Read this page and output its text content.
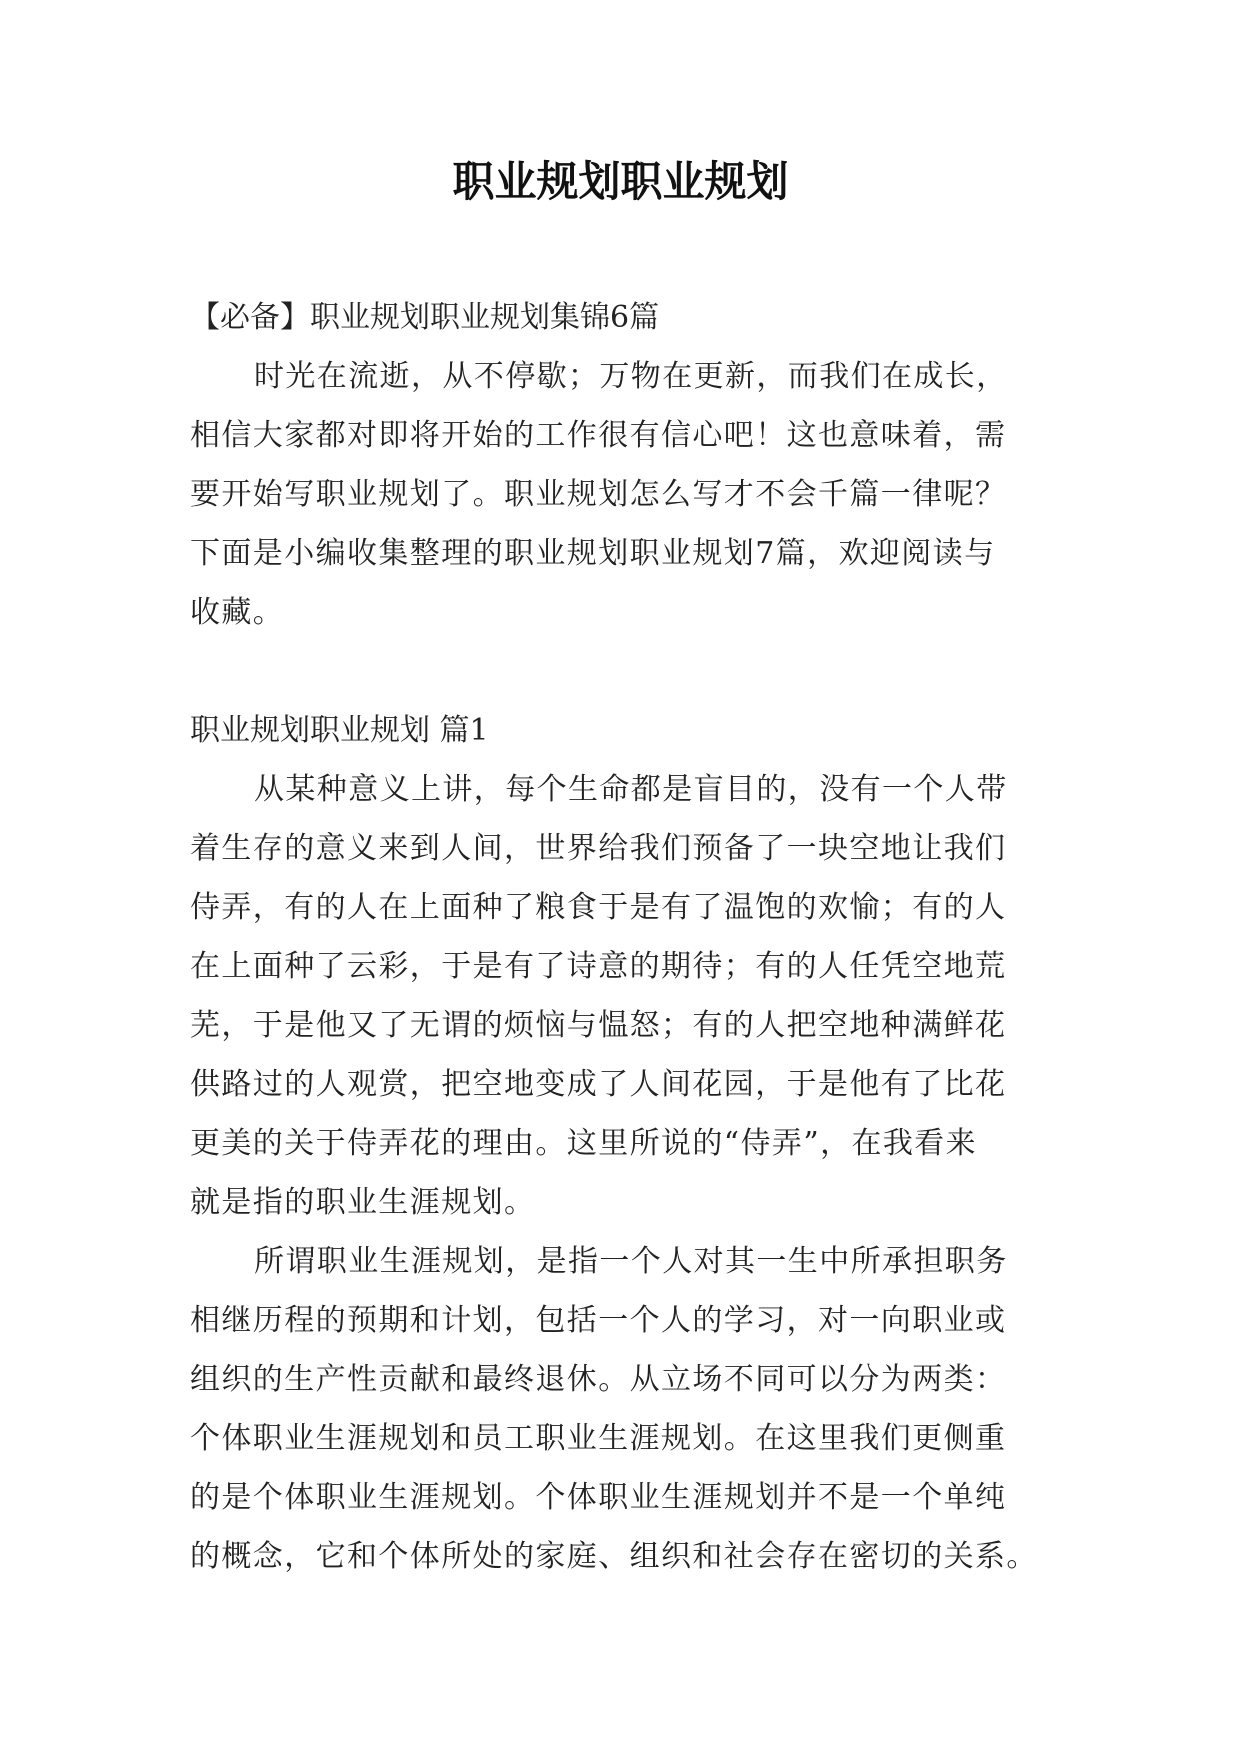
职业规划职业规划

【必备】职业规划职业规划集锦6篇

时光在流逝，从不停歇；万物在更新，而我们在成长，

相信大家都对即将开始的工作很有信心吧！这也意味着，需

要开始写职业规划了。职业规划怎么写才不会千篇一律呢？

下面是小编收集整理的职业规划职业规划7篇，欢迎阅读与

收藏。

职业规划职业规划 篇1

从某种意义上讲，每个生命都是盲目的，没有一个人带

着生存的意义来到人间，世界给我们预备了一块空地让我们

侍弄，有的人在上面种了粮食于是有了温饱的欢愉；有的人

在上面种了云彩，于是有了诗意的期待；有的人任凭空地荒

芜，于是他又了无谓的烦恼与愠怒；有的人把空地种满鲜花

供路过的人观赏，把空地变成了人间花园，于是他有了比花

更美的关于侍弄花的理由。这里所说的“侍弄”，在我看来

就是指的职业生涯规划。

所谓职业生涯规划，是指一个人对其一生中所承担职务

相继历程的预期和计划，包括一个人的学习，对一向职业或

组织的生产性贡献和最终退休。从立场不同可以分为两类：

个体职业生涯规划和员工职业生涯规划。在这里我们更侧重

的是个体职业生涯规划。个体职业生涯规划并不是一个单纯

的概念，它和个体所处的家庭、组织和社会存在密切的关系。
